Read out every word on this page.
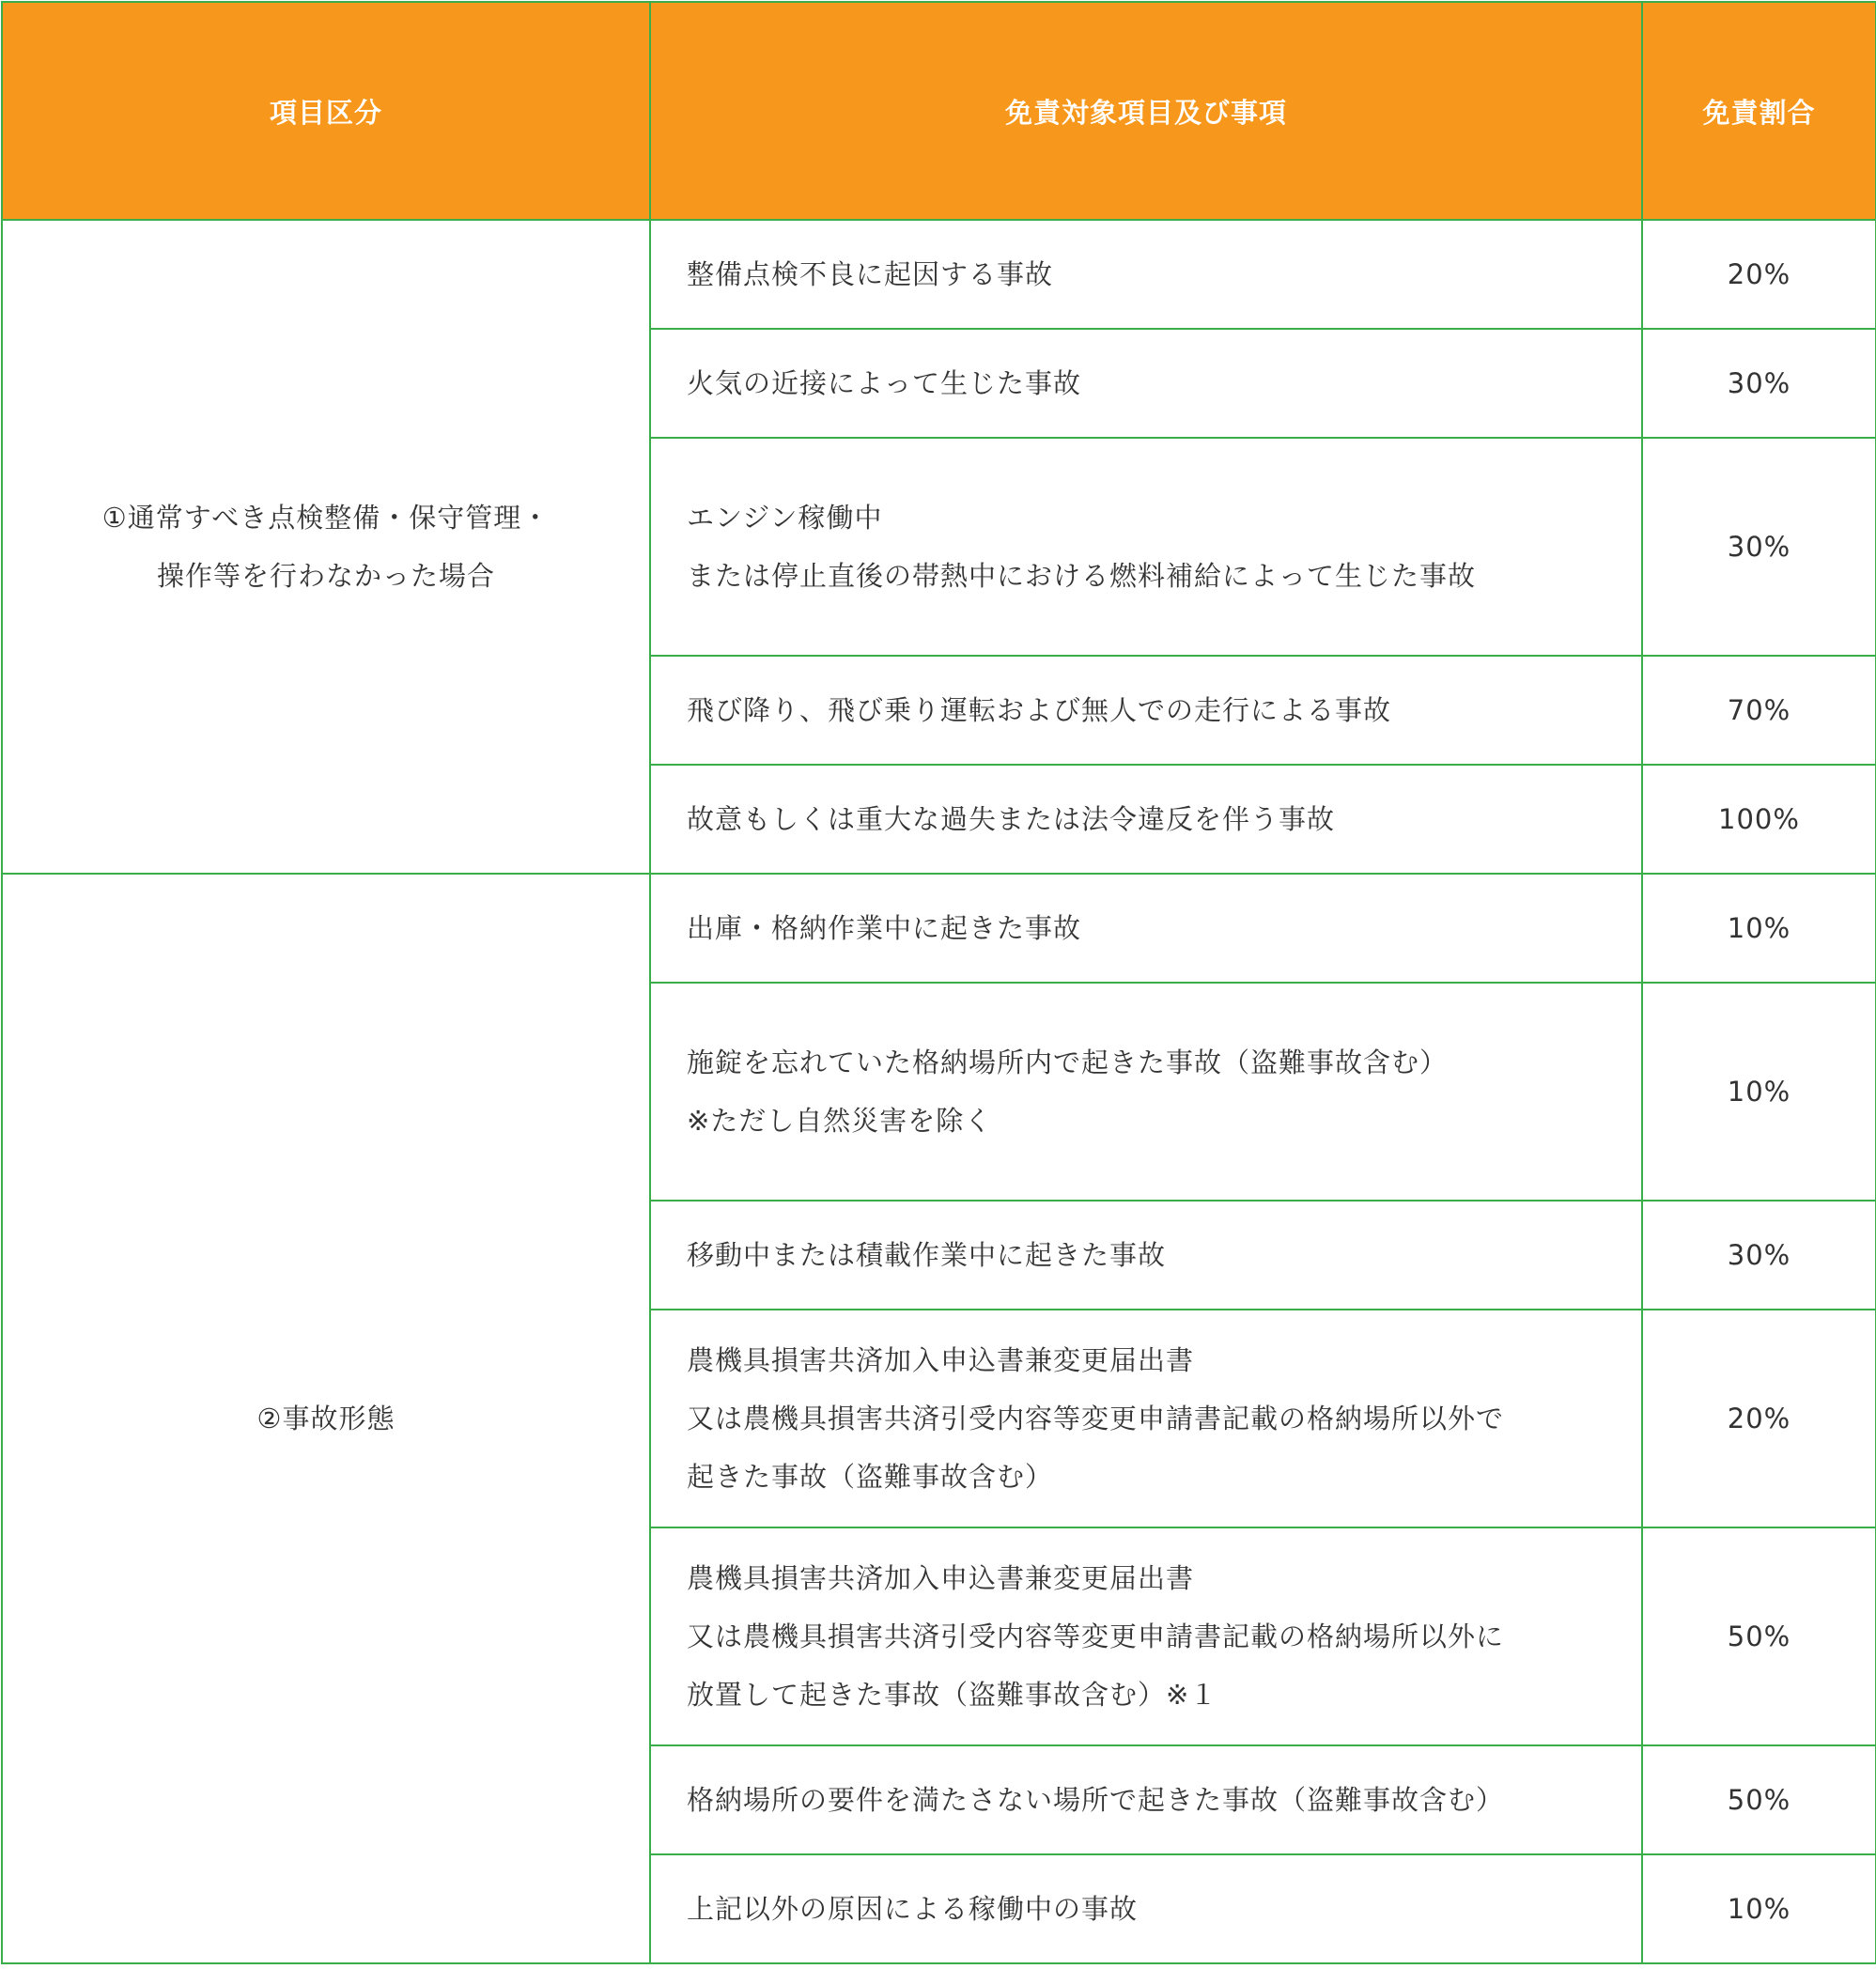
項目区分	免責対象項目及び事項	免責割合

①通常すべき点検整備・保守管理・
操作等を行わなかった場合	整備点検不良に起因する事故	20%

	火気の近接によって生じた事故	30%

	エンジン稼働中
または停止直後の帯熱中における燃料補給によって生じた事故	30%

	飛び降り、飛び乗り運転および無人での走行による事故	70%

	故意もしくは重大な過失または法令違反を伴う事故	100%

②事故形態	出庫・格納作業中に起きた事故	10%

	施錠を忘れていた格納場所内で起きた事故（盗難事故含む）
※ただし自然災害を除く	10%

	移動中または積載作業中に起きた事故	30%

	農機具損害共済加入申込書兼変更届出書
又は農機具損害共済引受内容等変更申請書記載の格納場所以外で
起きた事故（盗難事故含む）	20%

	農機具損害共済加入申込書兼変更届出書
又は農機具損害共済引受内容等変更申請書記載の格納場所以外に
放置して起きた事故（盗難事故含む）※１	50%

	格納場所の要件を満たさない場所で起きた事故（盗難事故含む）	50%

	上記以外の原因による稼働中の事故	10%
